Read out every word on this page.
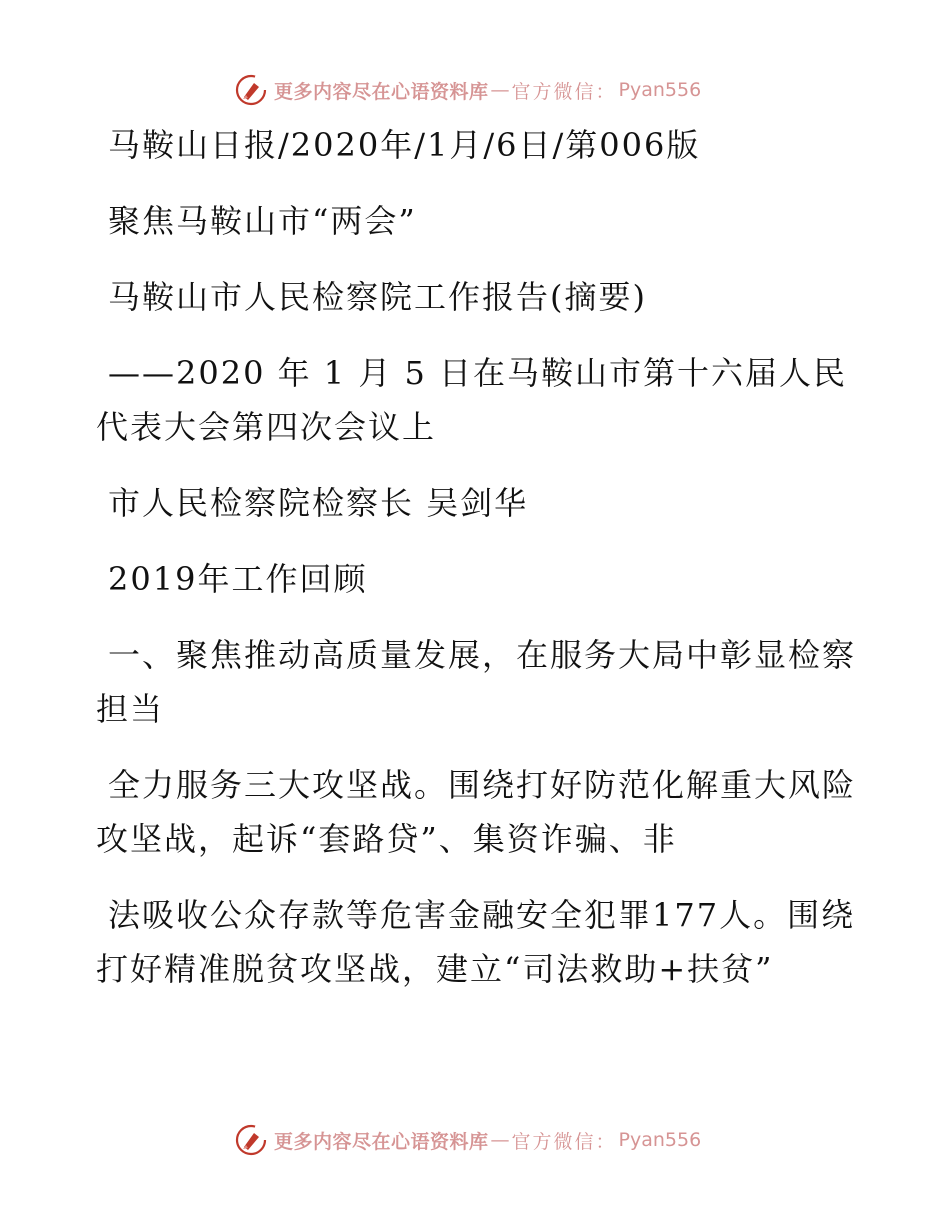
更多内容尽在心语资料库 — 官方微信： Pyan556

马鞍山日报/2020年/1月/6日/第006版

聚焦马鞍山市“两会”

马鞍山市人民检察院工作报告(摘要)

——2020 年 1 月 5 日在马鞍山市第十六届人民代表大会第四次会议上

市人民检察院检察长 吴剑华

2019年工作回顾

一、聚焦推动高质量发展，在服务大局中彰显检察担当

全力服务三大攻坚战。围绕打好防范化解重大风险攻坚战，起诉“套路贷”、集资诈骗、非

法吸收公众存款等危害金融安全犯罪177人。围绕打好精准脱贫攻坚战，建立“司法救助+扶贫”

更多内容尽在心语资料库 — 官方微信： Pyan556
